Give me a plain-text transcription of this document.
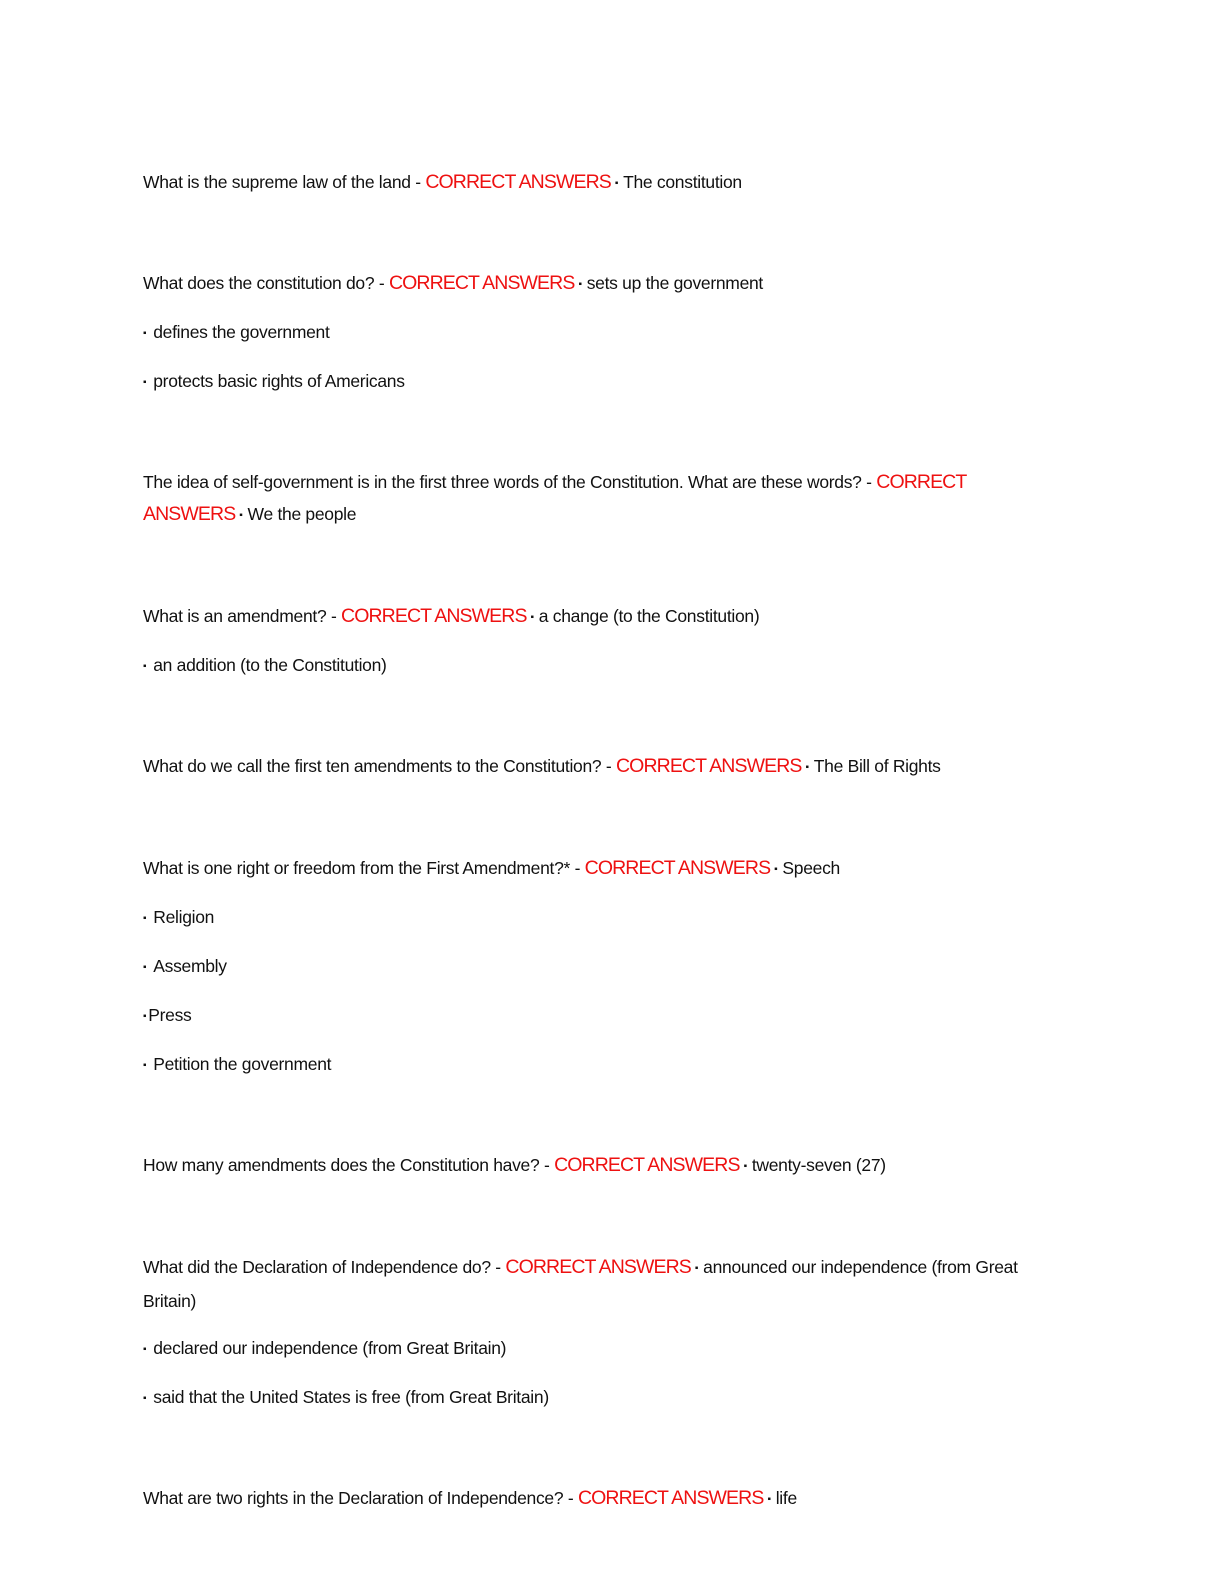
What is the supreme law of the land - CORRECT ANSWERS ▪ The constitution
What does the constitution do? - CORRECT ANSWERS ▪ sets up the government
▪ defines the government
▪ protects basic rights of Americans
The idea of self-government is in the first three words of the Constitution. What are these words? - CORRECT ANSWERS ▪ We the people
What is an amendment? - CORRECT ANSWERS ▪ a change (to the Constitution)
▪ an addition (to the Constitution)
What do we call the first ten amendments to the Constitution? - CORRECT ANSWERS ▪ The Bill of Rights
What is one right or freedom from the First Amendment?* - CORRECT ANSWERS ▪ Speech
▪ Religion
▪ Assembly
▪ Press
▪ Petition the government
How many amendments does the Constitution have? - CORRECT ANSWERS ▪ twenty-seven (27)
What did the Declaration of Independence do? - CORRECT ANSWERS ▪ announced our independence (from Great Britain)
▪ declared our independence (from Great Britain)
▪ said that the United States is free (from Great Britain)
What are two rights in the Declaration of Independence? - CORRECT ANSWERS ▪ life
